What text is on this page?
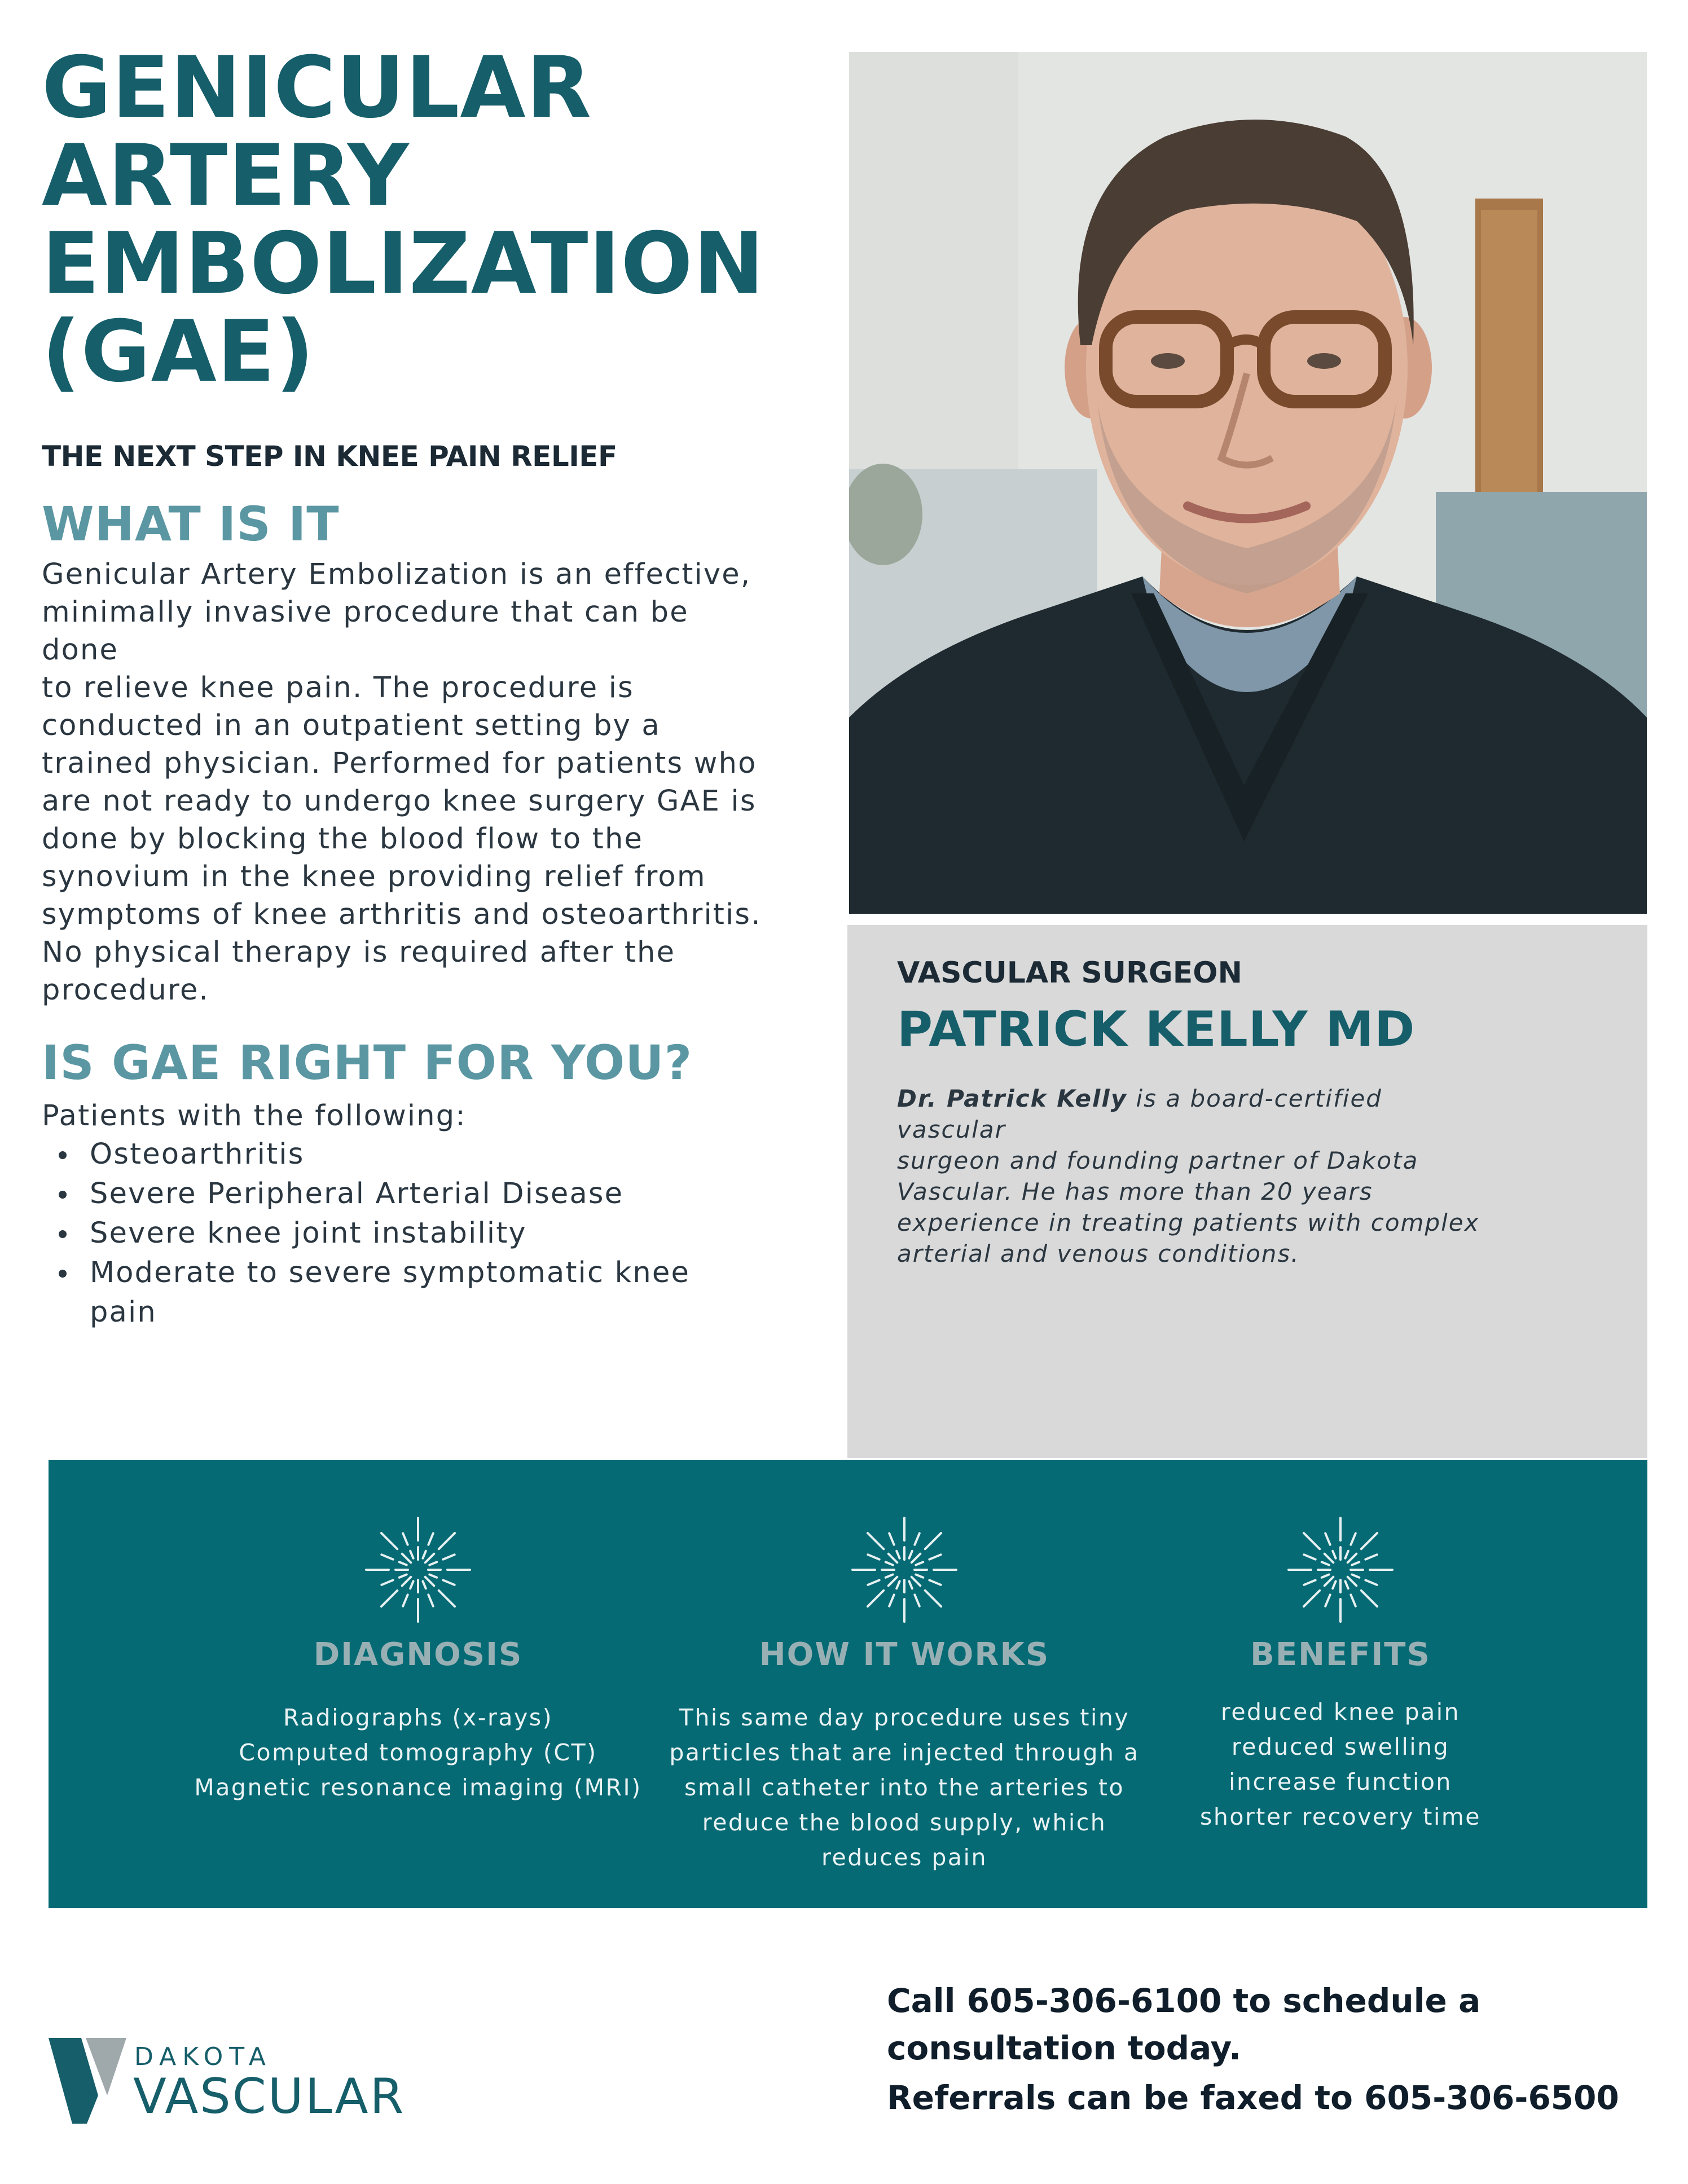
GENICULAR
ARTERY
EMBOLIZATION
(GAE)
THE NEXT STEP IN KNEE PAIN RELIEF
WHAT IS IT
Genicular Artery Embolization is an effective,
minimally invasive procedure that can be done
to relieve knee pain. The procedure is
conducted in an outpatient setting by a
trained physician. Performed for patients who
are not ready to undergo knee surgery GAE is
done by blocking the blood flow to the
synovium in the knee providing relief from
symptoms of knee arthritis and osteoarthritis.
No physical therapy is required after the
procedure.
IS GAE RIGHT FOR YOU?

Patients with the following:

Osteoarthritis
Severe Peripheral Arterial Disease
Severe knee joint instability
Moderate to severe symptomatic knee pain
VASCULAR SURGEON
PATRICK KELLY MD
Dr. Patrick Kelly is a board-certified vascular
surgeon and founding partner of Dakota
Vascular. He has more than 20 years
experience in treating patients with complex
arterial and venous conditions.
DIAGNOSIS
Radiographs (x-rays)
Computed tomography (CT)
Magnetic resonance imaging (MRI)
HOW IT WORKS
This same day procedure uses tiny
particles that are injected through a
small catheter into the arteries to
reduce the blood supply, which
reduces pain
BENEFITS
reduced knee pain
reduced swelling
increase function
shorter recovery time

DAKOTA

VASCULAR

Call 605-306-6100 to schedule a
consultation today.

Referrals can be faxed to 605-306-6500
